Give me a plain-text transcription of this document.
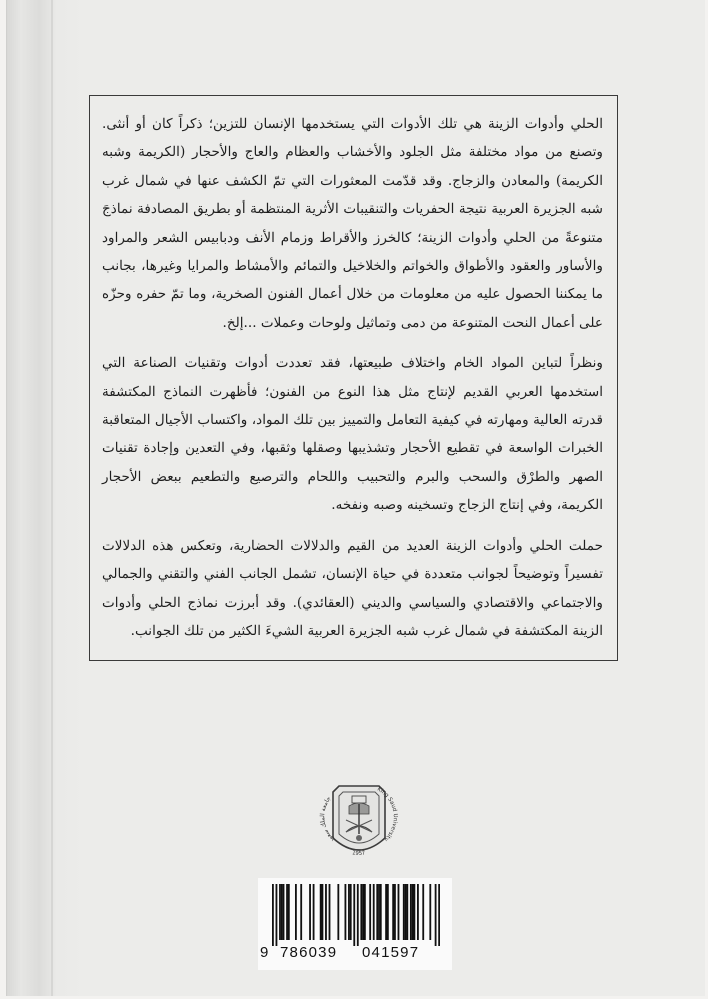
الحلي وأدوات الزينة هي تلك الأدوات التي يستخدمها الإنسان للتزين؛ ذكراً كان أو أنثى. وتصنع من مواد مختلفة مثل الجلود والأخشاب والعظام والعاج والأحجار (الكريمة وشبه الكريمة) والمعادن والزجاج. وقد قدّمت المعثورات التي تمّ الكشف عنها في شمال غرب شبه الجزيرة العربية نتيجة الحفريات والتنقيبات الأثرية المنتظمة أو بطريق المصادفة نماذجَ متنوعةً من الحلي وأدوات الزينة؛ كالخرز والأقراط وزمام الأنف ودبابيس الشعر والمراود والأساور والعقود والأطواق والخواتم والخلاخيل والتمائم والأمشاط والمرايا وغيرها، بجانب ما يمكننا الحصول عليه من معلومات من خلال أعمال الفنون الصخرية، وما تمّ حفره وحزّه على أعمال النحت المتنوعة من دمى وتماثيل ولوحات وعملات ...إلخ.

ونظراً لتباين المواد الخام واختلاف طبيعتها، فقد تعددت أدوات وتقنيات الصناعة التي استخدمها العربي القديم لإنتاج مثل هذا النوع من الفنون؛ فأظهرت النماذج المكتشفة قدرته العالية ومهارته في كيفية التعامل والتمييز بين تلك المواد، واكتساب الأجيال المتعاقبة الخبرات الواسعة في تقطيع الأحجار وتشذيبها وصقلها وثقبها، وفي التعدين وإجادة تقنيات الصهر والطرْق والسحب والبرم والتحبيب واللحام والترصيع والتطعيم ببعض الأحجار الكريمة، وفي إنتاج الزجاج وتسخينه وصبه ونفخه.

حملت الحلي وأدوات الزينة العديد من القيم والدلالات الحضارية، وتعكس هذه الدلالات تفسيراً وتوضيحاً لجوانب متعددة في حياة الإنسان، تشمل الجانب الفني والتقني والجمالي والاجتماعي والاقتصادي والسياسي والديني (العقائدي). وقد أبرزت نماذج الحلي وأدوات الزينة المكتشفة في شمال غرب شبه الجزيرة العربية الشيءَ الكثير من تلك الجوانب.

جامعة الملك سعود
King Saud University
1957
9 786039 041597
